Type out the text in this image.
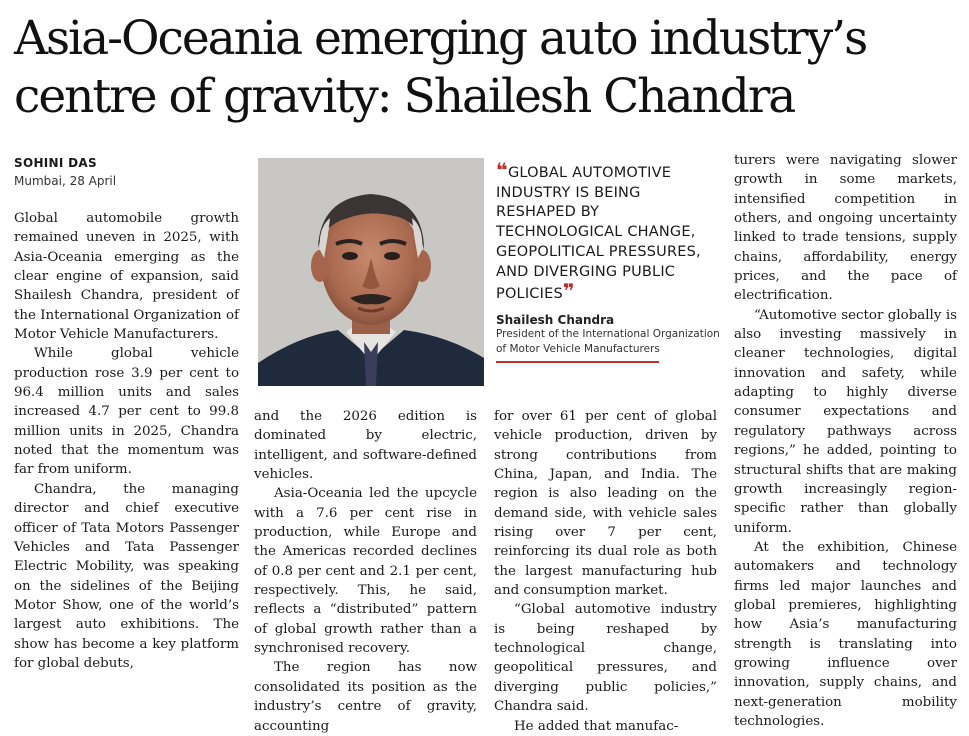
Asia-Oceania emerging auto industry’s
centre of gravity: Shailesh Chandra
SOHINI DAS
Mumbai, 28 April

Global automobile growth remained uneven in 2025, with Asia-Oceania emerging as the clear engine of expansion, said Shailesh Chandra, president of the International Organization of Motor Vehicle Manufacturers.

While global vehicle production rose 3.9 per cent to 96.4 million units and sales increased 4.7 per cent to 99.8 million units in 2025, Chandra noted that the momentum was far from uniform.

Chandra, the managing director and chief executive officer of Tata Motors Passenger Vehicles and Tata Passenger Electric Mobility, was speaking on the sidelines of the Beijing Motor Show, one of the world’s largest auto exhibitions. The show has become a key platform for global debuts,

❝GLOBAL AUTOMOTIVE INDUSTRY IS BEING RESHAPED BY TECHNOLOGICAL CHANGE, GEOPOLITICAL PRESSURES, AND DIVERGING PUBLIC POLICIES❞

Shailesh Chandra
President of the International Organization of Motor Vehicle Manufacturers

and the 2026 edition is dominated by electric, intelligent, and software-defined vehicles.

Asia-Oceania led the upcycle with a 7.6 per cent rise in production, while Europe and the Americas recorded declines of 0.8 per cent and 2.1 per cent, respectively. This, he said, reflects a “distributed” pattern of global growth rather than a synchronised recovery.

The region has now consolidated its position as the industry’s centre of gravity, accounting

for over 61 per cent of global vehicle production, driven by strong contributions from China, Japan, and India. The region is also leading on the demand side, with vehicle sales rising over 7 per cent, reinforcing its dual role as both the largest manufacturing hub and consumption market.

“Global automotive industry is being reshaped by technological change, geopolitical pressures, and diverging public policies,” Chandra said.

He added that manufac-

turers were navigating slower growth in some markets, intensified competition in others, and ongoing uncertainty linked to trade tensions, supply chains, affordability, energy prices, and the pace of electrification.

“Automotive sector globally is also investing massively in cleaner technologies, digital innovation and safety, while adapting to highly diverse consumer expectations and regulatory pathways across regions,” he added, pointing to structural shifts that are making growth increasingly region-specific rather than globally uniform.

At the exhibition, Chinese automakers and technology firms led major launches and global premieres, highlighting how Asia’s manufacturing strength is translating into growing influence over innovation, supply chains, and next-generation mobility technologies.
